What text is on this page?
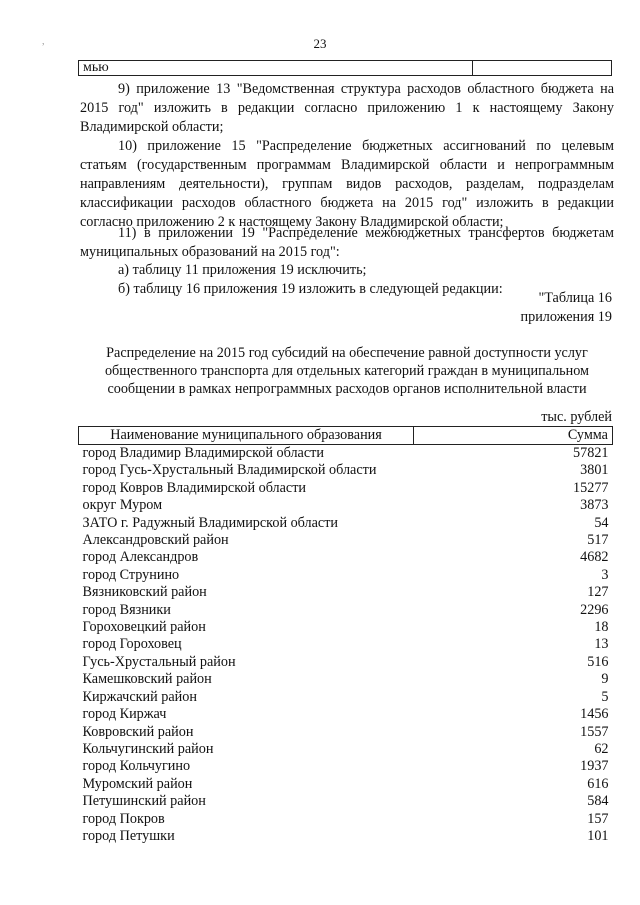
23
мью

9) приложение 13 "Ведомственная структура расходов областного бюджета на 2015 год" изложить в редакции согласно приложению 1 к настоящему Закону Владимирской области;

10) приложение 15 "Распределение бюджетных ассигнований по целевым статьям (государственным программам Владимирской области и непрограммным направлениям деятельности), группам видов расходов, разделам, подразделам классификации расходов областного бюджета на 2015 год" изложить в редакции согласно приложению 2 к настоящему Закону Владимирской области;

11) в приложении 19 "Распределение межбюджетных трансфертов бюджетам муниципальных образований на 2015 год":

а) таблицу 11 приложения 19 исключить;

б) таблицу 16 приложения 19 изложить в следующей редакции:

"Таблица 16

приложения 19

Распределение на 2015 год субсидий на обеспечение равной доступности услуг общественного транспорта для отдельных категорий граждан в муниципальном сообщении в рамках непрограммных расходов органов исполнительной власти

тыс. рублей
Наименование муниципального образования	Сумма
город Владимир Владимирской области	57821
город Гусь-Хрустальный Владимирской области	3801
город Ковров Владимирской области	15277
округ Муром	3873
ЗАТО г. Радужный Владимирской области	54
Александровский район	517
город Александров	4682
город Струнино	3
Вязниковский район	127
город Вязники	2296
Гороховецкий район	18
город Гороховец	13
Гусь-Хрустальный район	516
Камешковский район	9
Киржачский район	5
город Киржач	1456
Ковровский район	1557
Кольчугинский район	62
город Кольчугино	1937
Муромский район	616
Петушинский район	584
город Покров	157
город Петушки	101
,
